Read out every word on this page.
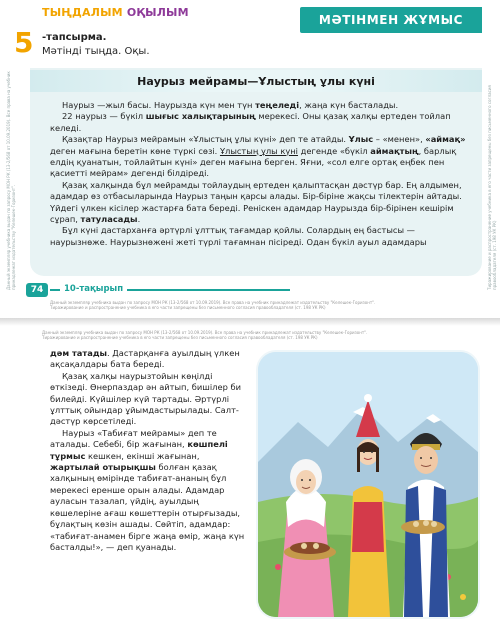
ТЫҢДАЛЫМ ОҚЫЛЫМ
МӘТІНМЕН ЖҰМЫС
5 -тапсырма.
Мәтінді тыңда. Оқы.
Данный экземпляр учебника выдан по запросу МОН РК (13-2/568 от 10.09.2019). Все права на учебник принадлежат издательству "Келешек-Горизонт".	Тиражирование и распространение учебника в его части запрещены без письменного согласия правообладателя (ст. 198 УК РК)
Наурыз мейрамы—Ұлыстың ұлы күні

Наурыз —жыл басы. Наурызда күн мен түн теңеледі, жаңа күн басталады.

22 наурыз — бүкіл шығыс халықтарының мерекесі. Оны қазақ халқы ертеден тойлап келеді.

Қазақтар Наурыз мейрамын «Ұлыстың ұлы күні» деп те атайды. Ұлыс – «менен», «аймақ» деген мағына беретін көне түркі сөзі. Ұлыстың ұлы күні дегенде «бүкіл аймақтың, барлық елдің қуанатын, тойлайтын күні» деген мағына берген. Яғни, «сол елге ортақ еңбек пен қасиетті мейрам» дегенді білдіреді.

Қазақ халқында бұл мейрамды тойлаудың ертеден қалыптасқан дәстүр бар. Ең алдымен, адамдар өз отбасыларында Наурыз таңын қарсы алады. Бір-біріне жақсы тілектерін айтады. Үйдегі үлкен кісілер жастарға бата береді. Реніскен адамдар Наурызда бір-бірінен кешірім сұрап, татуласады.

Бұл күні дастарханға әртүрлі ұлттық тағамдар қойлы. Солардың ең бастысы — наурызнөже. Наурызнөжені жеті түрлі тағамнан пісіреді. Одан бүкіл ауыл адамдары

74	10-тақырып
Данный экземпляр учебника выдан по запросу МОН РК (13-2/568 от 10.09.2019). Все права на учебник принадлежат издательству "Келешек-Горизонт".
Тиражирование и распространение учебника в его части запрещены без письменного согласия правообладателя (ст. 198 УК РК)
Данный экземпляр учебника выдан по запросу МОН РК (13-2/568 от 10.09.2019). Все права на учебник принадлежат издательству "Келешек-Горизонт".
Тиражирование и распространение учебника в его части запрещены без письменного согласия правообладателя (ст. 198 УК РК)

дәм татады. Дастарқанға ауылдың үлкен ақсақалдары бата береді.

Қазақ халқы наурызтойын көңілді өткізеді. Өнерпаздар ән айтып, бишілер би билейді. Күйшілер күй тартады. Әртүрлі ұлттық ойындар ұйымдастырылады. Салт-дәстүр көрсетіледі.

Наурыз «Табиғат мейрамы» деп те аталады. Себебі, бір жағынан, көшпелі тұрмыс кешкен, екінші жағынан, жартылай отырықшы болған қазақ халқының өмірінде табиғат-ананың бұл мерекесі еренше орын алады. Адамдар ауласын тазалап, үйдің, ауылдың көшелеріне ағаш көшеттерін отырғызады, бұлақтың көзін ашады. Сөйтіп, адамдар: «табиғат-анамен бірге жаңа өмір, жаңа күн басталды!», — деп қуанады.
